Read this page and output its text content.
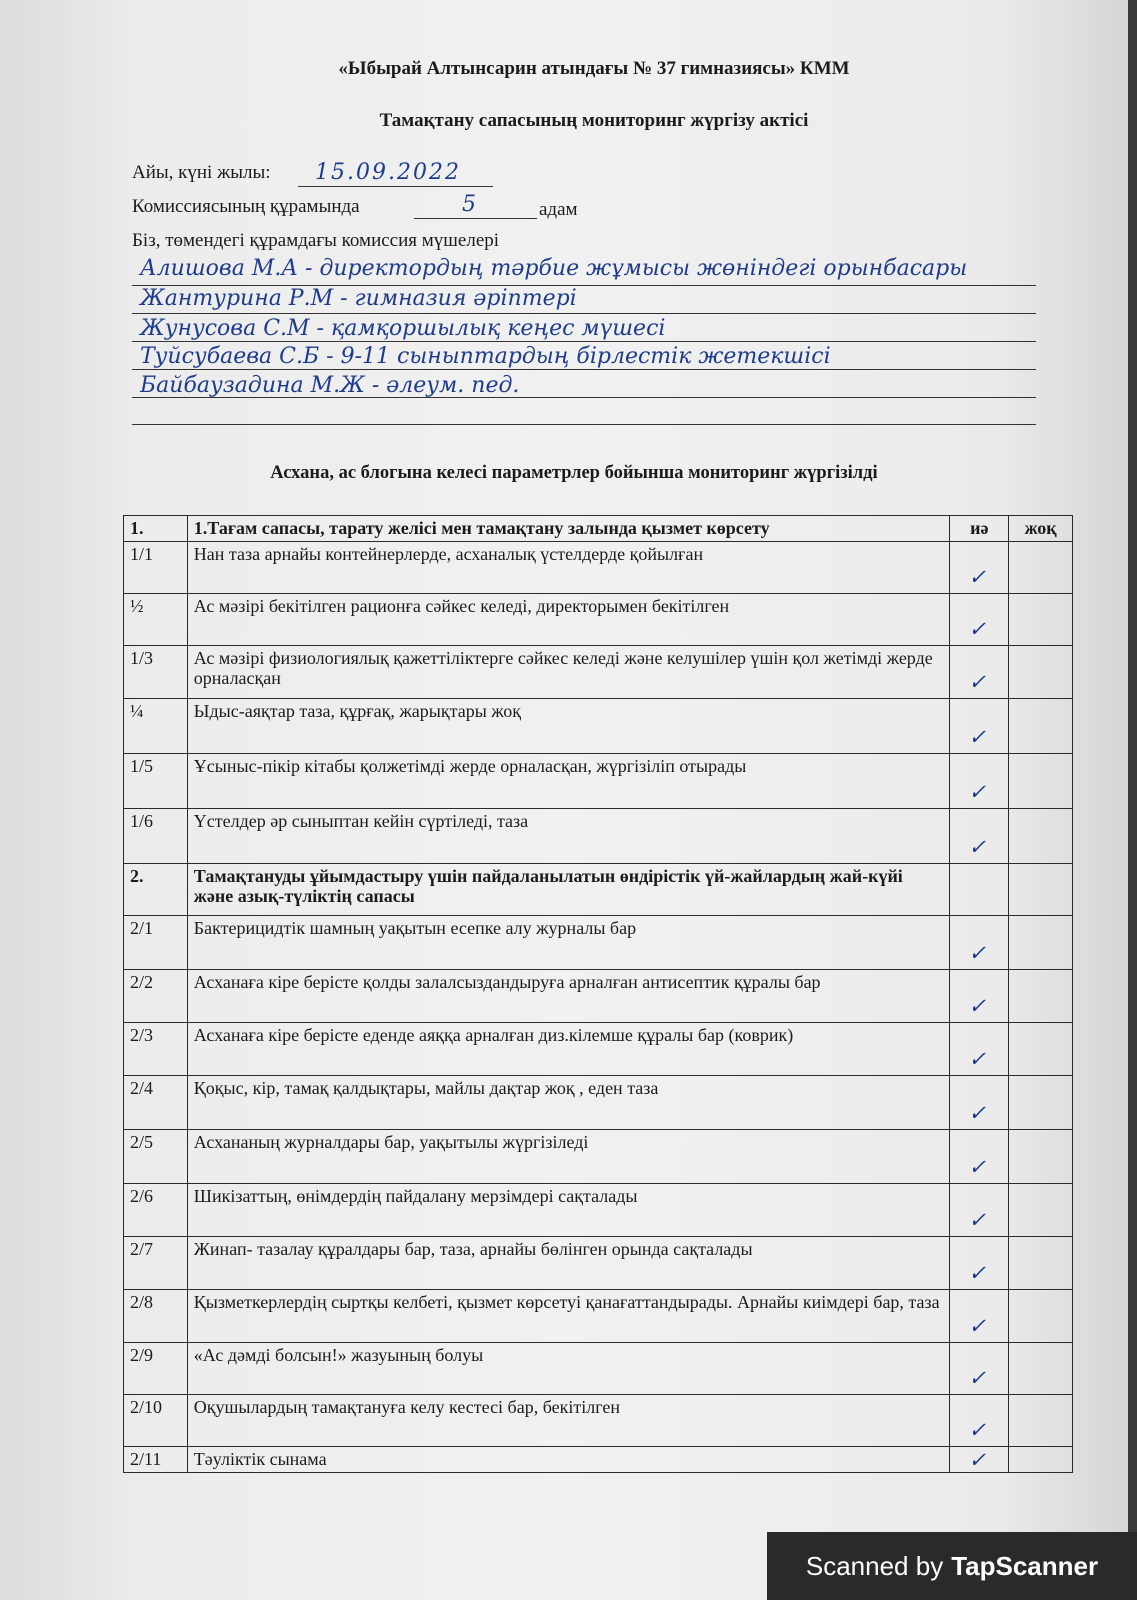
«Ыбырай Алтынсарин атындағы № 37 гимназиясы» КММ
Тамақтану сапасының мониторинг жүргізу актісі
Айы, күні жылы: 15.09.2022
Комиссиясының құрамында	5	адам
Біз, төмендегі құрамдағы комиссия мүшелері
Алишова М.А - директордың тәрбие жұмысы жөніндегі орынбасары
Жантурина Р.М - гимназия әріптері
Жунусова С.М - қамқоршылық кеңес мүшесі
Туйсубаева С.Б - 9-11 сыныптардың бірлестік жетекшісі
Байбаузадина М.Ж - әлеум. пед.
Асхана, ас блогына келесі параметрлер бойынша мониторинг жүргізілді
1.	1.Тағам сапасы, тарату желісі мен тамақтану залында қызмет көрсету	иә	жоқ
1/1	Нан таза арнайы контейнерлерде, асханалық үстелдерде қойылған	✓	

½	Ас мәзірі бекітілген рационға сәйкес келеді, директорымен бекітілген	✓	

1/3	Ас мәзірі физиологиялық қажеттіліктерге сәйкес келеді және келушілер үшін қол жетімді жерде орналасқан	✓	

¼	Ыдыс-аяқтар таза, құрғақ, жарықтары жоқ	✓	

1/5	Ұсыныс-пікір кітабы қолжетімді жерде орналасқан, жүргізіліп отырады	✓	

1/6	Үстелдер әр сыныптан кейін сүртіледі, таза	✓	

2.	Тамақтануды ұйымдастыру үшін пайдаланылатын өндірістік үй-жайлардың жай-күйі және азық-түліктің сапасы		
2/1	Бактерицидтік шамның уақытын есепке алу журналы бар	✓	

2/2	Асханаға кіре берісте қолды залалсыздандыруға арналған антисептик құралы бар	✓	

2/3	Асханаға кіре берісте еденде аяққа арналған диз.кілемше құралы бар (коврик)	✓	

2/4	Қоқыс, кір, тамақ қалдықтары, майлы дақтар жоқ , еден таза	✓	

2/5	Асхананың журналдары бар, уақытылы жүргізіледі	✓	

2/6	Шикізаттың, өнімдердің пайдалану мерзімдері сақталады	✓	

2/7	Жинап- тазалау құралдары бар, таза, арнайы бөлінген орында сақталады	✓	

2/8	Қызметкерлердің сыртқы келбеті, қызмет көрсетуі қанағаттандырады. Арнайы киімдері бар, таза	✓	

2/9	«Ас дәмді болсын!» жазуының болуы	✓	

2/10	Оқушылардың тамақтануға келу кестесі бар, бекітілген	✓	

2/11	Тәуліктік сынама	✓	

Scanned by TapScanner
